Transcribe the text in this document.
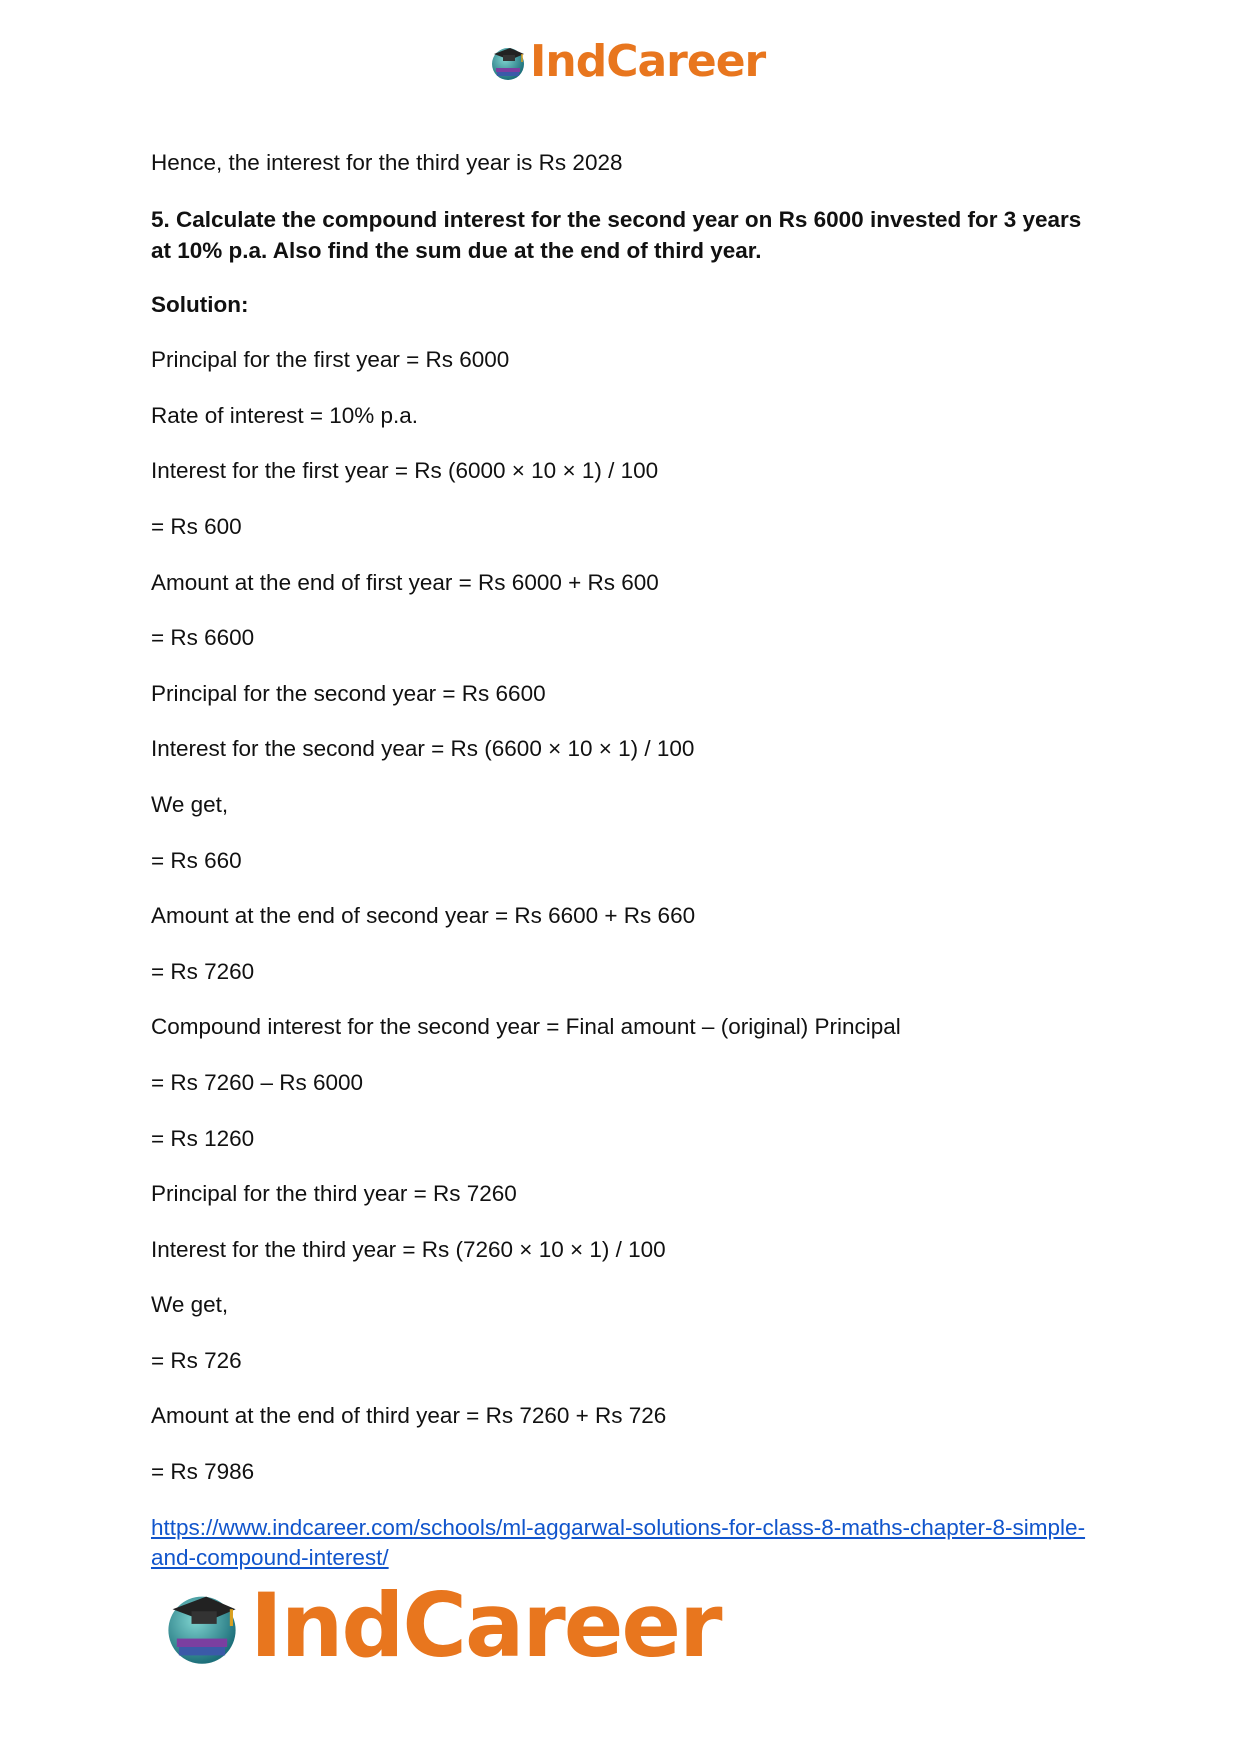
IndCareer
Hence, the interest for the third year is Rs 2028
5. Calculate the compound interest for the second year on Rs 6000 invested for 3 years at 10% p.a. Also find the sum due at the end of third year.
Solution:
Principal for the first year = Rs 6000
Rate of interest = 10% p.a.
Interest for the first year = Rs (6000 × 10 × 1) / 100
= Rs 600
Amount at the end of first year = Rs 6000 + Rs 600
= Rs 6600
Principal for the second year = Rs 6600
Interest for the second year = Rs (6600 × 10 × 1) / 100
We get,
= Rs 660
Amount at the end of second year = Rs 6600 + Rs 660
= Rs 7260
Compound interest for the second year = Final amount – (original) Principal
= Rs 7260 – Rs 6000
= Rs 1260
Principal for the third year = Rs 7260
Interest for the third year = Rs (7260 × 10 × 1) / 100
We get,
= Rs 726
Amount at the end of third year = Rs 7260 + Rs 726
= Rs 7986
https://www.indcareer.com/schools/ml-aggarwal-solutions-for-class-8-maths-chapter-8-simple-and-compound-interest/
IndCareer
